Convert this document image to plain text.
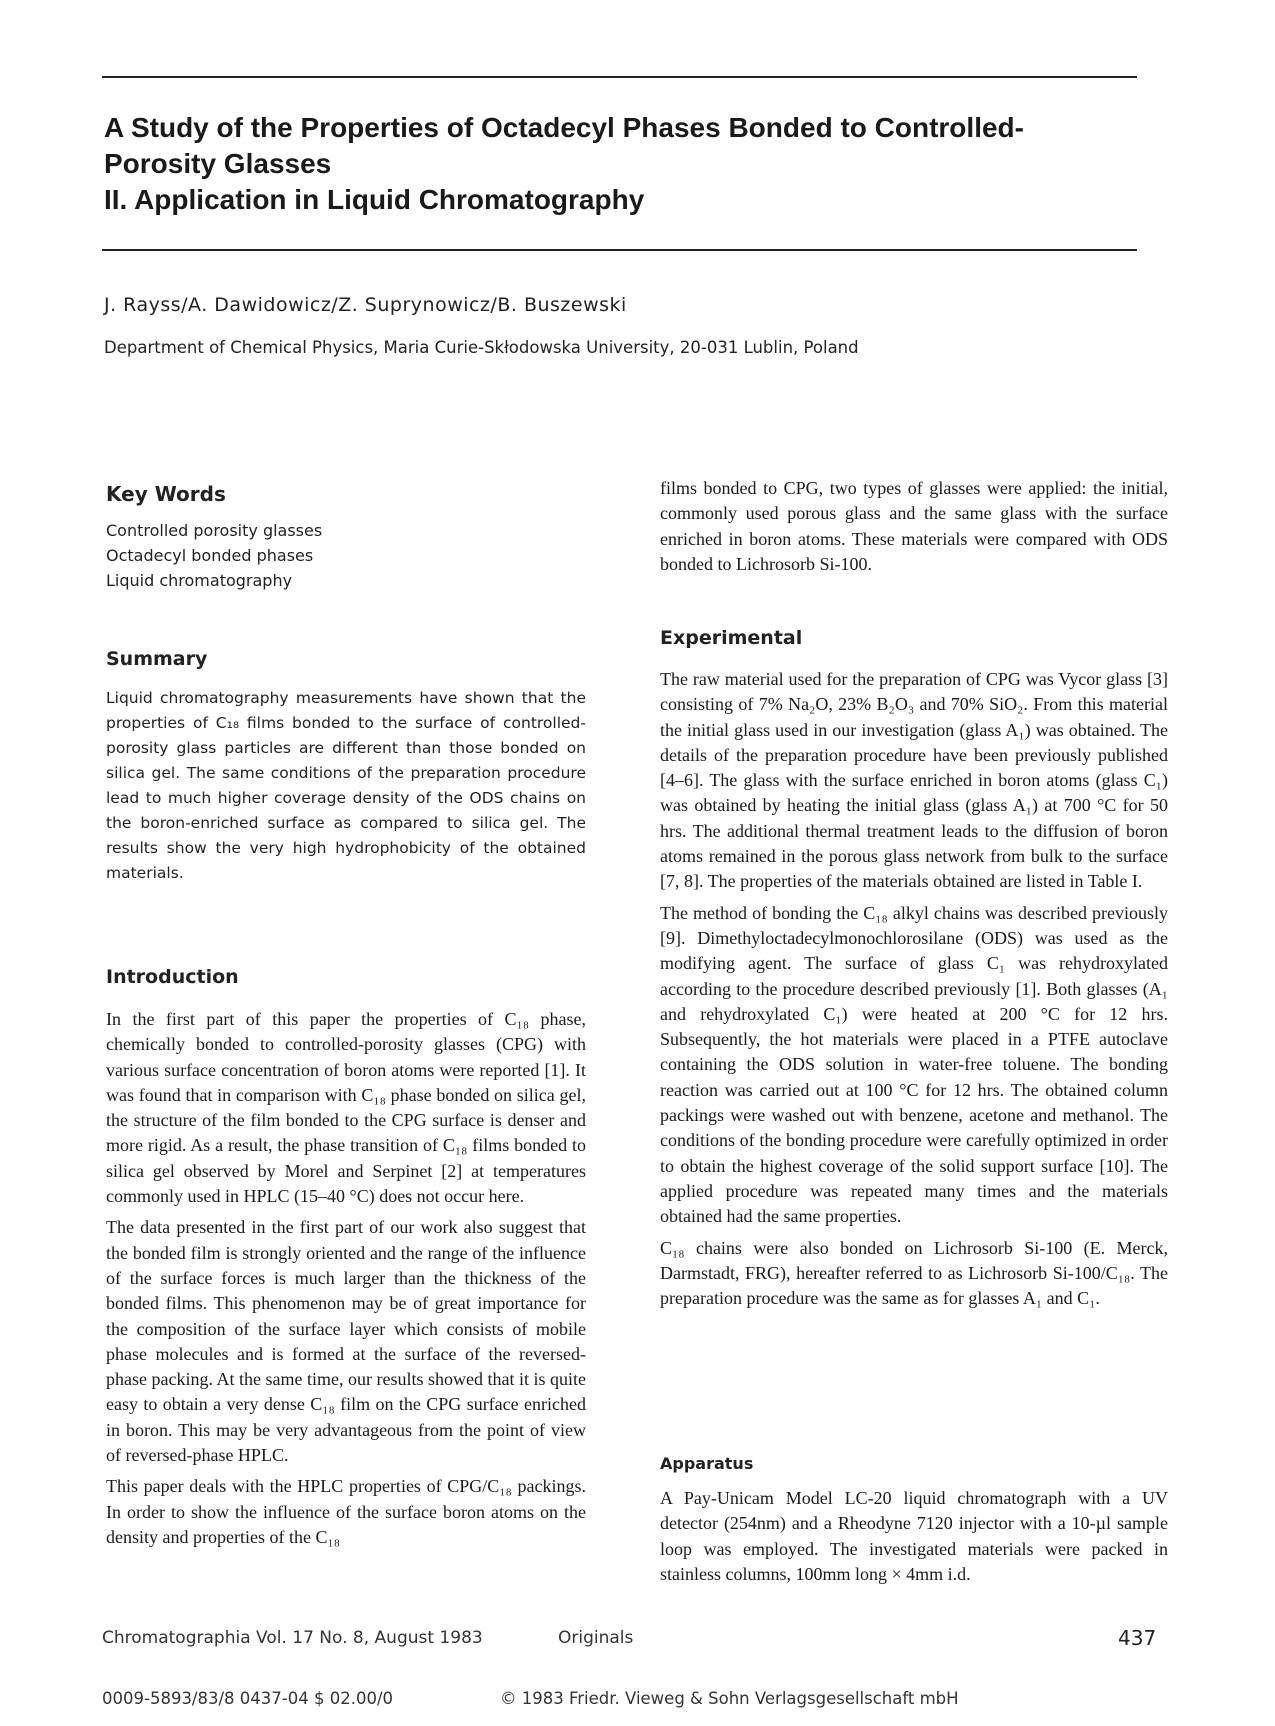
A Study of the Properties of Octadecyl Phases Bonded to Controlled-
Porosity Glasses
II. Application in Liquid Chromatography
J. Rayss/A. Dawidowicz/Z. Suprynowicz/B. Buszewski
Department of Chemical Physics, Maria Curie-Skłodowska University, 20-031 Lublin, Poland
Key Words
Controlled porosity glasses
Octadecyl bonded phases
Liquid chromatography
Summary
Liquid chromatography measurements have shown that the properties of C₁₈ films bonded to the surface of controlled-porosity glass particles are different than those bonded on silica gel. The same conditions of the preparation procedure lead to much higher coverage density of the ODS chains on the boron-enriched surface as compared to silica gel. The results show the very high hydrophobicity of the obtained materials.
Introduction

In the first part of this paper the properties of C₁₈ phase, chemically bonded to controlled-porosity glasses (CPG) with various surface concentration of boron atoms were reported [1]. It was found that in comparison with C₁₈ phase bonded on silica gel, the structure of the film bonded to the CPG surface is denser and more rigid. As a result, the phase transition of C₁₈ films bonded to silica gel observed by Morel and Serpinet [2] at temperatures commonly used in HPLC (15–40 °C) does not occur here.

The data presented in the first part of our work also suggest that the bonded film is strongly oriented and the range of the influence of the surface forces is much larger than the thickness of the bonded films. This phenomenon may be of great importance for the composition of the surface layer which consists of mobile phase molecules and is formed at the surface of the reversed-phase packing. At the same time, our results showed that it is quite easy to obtain a very dense C₁₈ film on the CPG surface enriched in boron. This may be very advantageous from the point of view of reversed-phase HPLC.

This paper deals with the HPLC properties of CPG/C₁₈ packings. In order to show the influence of the surface boron atoms on the density and properties of the C₁₈

films bonded to CPG, two types of glasses were applied: the initial, commonly used porous glass and the same glass with the surface enriched in boron atoms. These materials were compared with ODS bonded to Lichrosorb Si-100.
Experimental

The raw material used for the preparation of CPG was Vycor glass [3] consisting of 7% Na₂O, 23% B₂O₃ and 70% SiO₂. From this material the initial glass used in our investigation (glass A₁) was obtained. The details of the preparation procedure have been previously published [4–6]. The glass with the surface enriched in boron atoms (glass C₁) was obtained by heating the initial glass (glass A₁) at 700 °C for 50 hrs. The additional thermal treatment leads to the diffusion of boron atoms remained in the porous glass network from bulk to the surface [7, 8]. The properties of the materials obtained are listed in Table I.

The method of bonding the C₁₈ alkyl chains was described previously [9]. Dimethyloctadecylmonochlorosilane (ODS) was used as the modifying agent. The surface of glass C₁ was rehydroxylated according to the procedure described previously [1]. Both glasses (A₁ and rehydroxylated C₁) were heated at 200 °C for 12 hrs. Subsequently, the hot materials were placed in a PTFE autoclave containing the ODS solution in water-free toluene. The bonding reaction was carried out at 100 °C for 12 hrs. The obtained column packings were washed out with benzene, acetone and methanol. The conditions of the bonding procedure were carefully optimized in order to obtain the highest coverage of the solid support surface [10]. The applied procedure was repeated many times and the materials obtained had the same properties.

C₁₈ chains were also bonded on Lichrosorb Si-100 (E. Merck, Darmstadt, FRG), hereafter referred to as Lichrosorb Si-100/C₁₈. The preparation procedure was the same as for glasses A₁ and C₁.

Apparatus
A Pay-Unicam Model LC-20 liquid chromatograph with a UV detector (254nm) and a Rheodyne 7120 injector with a 10-µl sample loop was employed. The investigated materials were packed in stainless columns, 100mm long × 4mm i.d.
Chromatographia Vol. 17 No. 8, August 1983	Originals	437
0009-5893/83/8 0437-04 $ 02.00/0	© 1983 Friedr. Vieweg & Sohn Verlagsgesellschaft mbH
